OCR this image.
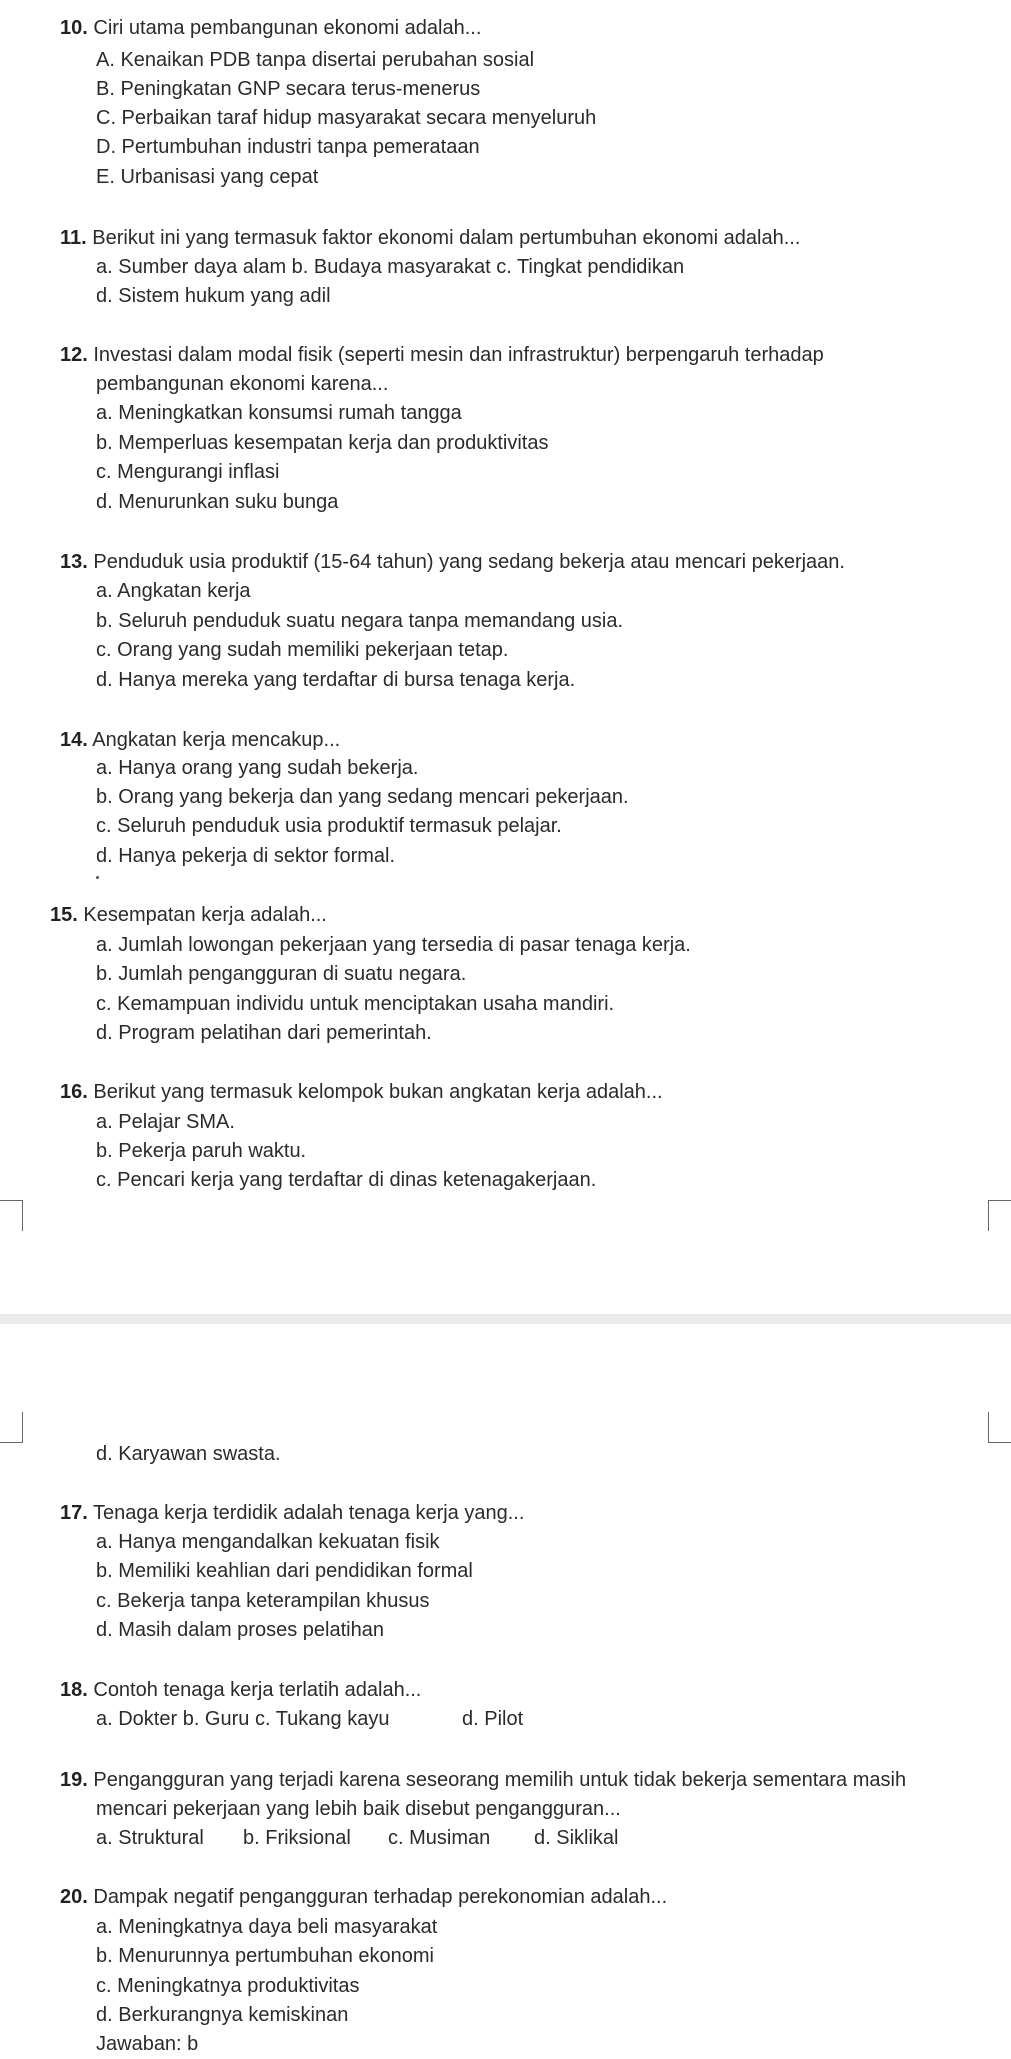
10. Ciri utama pembangunan ekonomi adalah...
A. Kenaikan PDB tanpa disertai perubahan sosial
B. Peningkatan GNP secara terus-menerus
C. Perbaikan taraf hidup masyarakat secara menyeluruh
D. Pertumbuhan industri tanpa pemerataan
E. Urbanisasi yang cepat
11. Berikut ini yang termasuk faktor ekonomi dalam pertumbuhan ekonomi adalah...
a. Sumber daya alam b. Budaya masyarakat c. Tingkat pendidikan
d. Sistem hukum yang adil
12. Investasi dalam modal fisik (seperti mesin dan infrastruktur) berpengaruh terhadap
pembangunan ekonomi karena...
a. Meningkatkan konsumsi rumah tangga
b. Memperluas kesempatan kerja dan produktivitas
c. Mengurangi inflasi
d. Menurunkan suku bunga
13. Penduduk usia produktif (15-64 tahun) yang sedang bekerja atau mencari pekerjaan.
a. Angkatan kerja
b. Seluruh penduduk suatu negara tanpa memandang usia.
c. Orang yang sudah memiliki pekerjaan tetap.
d. Hanya mereka yang terdaftar di bursa tenaga kerja.
14. Angkatan kerja mencakup...
a. Hanya orang yang sudah bekerja.
b. Orang yang bekerja dan yang sedang mencari pekerjaan.
c. Seluruh penduduk usia produktif termasuk pelajar.
d. Hanya pekerja di sektor formal.
15. Kesempatan kerja adalah...
a. Jumlah lowongan pekerjaan yang tersedia di pasar tenaga kerja.
b. Jumlah pengangguran di suatu negara.
c. Kemampuan individu untuk menciptakan usaha mandiri.
d. Program pelatihan dari pemerintah.
16. Berikut yang termasuk kelompok bukan angkatan kerja adalah...
a. Pelajar SMA.
b. Pekerja paruh waktu.
c. Pencari kerja yang terdaftar di dinas ketenagakerjaan.
d. Karyawan swasta.
17. Tenaga kerja terdidik adalah tenaga kerja yang...
a. Hanya mengandalkan kekuatan fisik
b. Memiliki keahlian dari pendidikan formal
c. Bekerja tanpa keterampilan khusus
d. Masih dalam proses pelatihan
18. Contoh tenaga kerja terlatih adalah...
a. Dokter b. Guru c. Tukang kayu	d. Pilot
19. Pengangguran yang terjadi karena seseorang memilih untuk tidak bekerja sementara masih
mencari pekerjaan yang lebih baik disebut pengangguran...
a. Struktural b. Friksional c. Musiman d. Siklikal
20. Dampak negatif pengangguran terhadap perekonomian adalah...
a. Meningkatnya daya beli masyarakat
b. Menurunnya pertumbuhan ekonomi
c. Meningkatnya produktivitas
d. Berkurangnya kemiskinan
Jawaban: b
